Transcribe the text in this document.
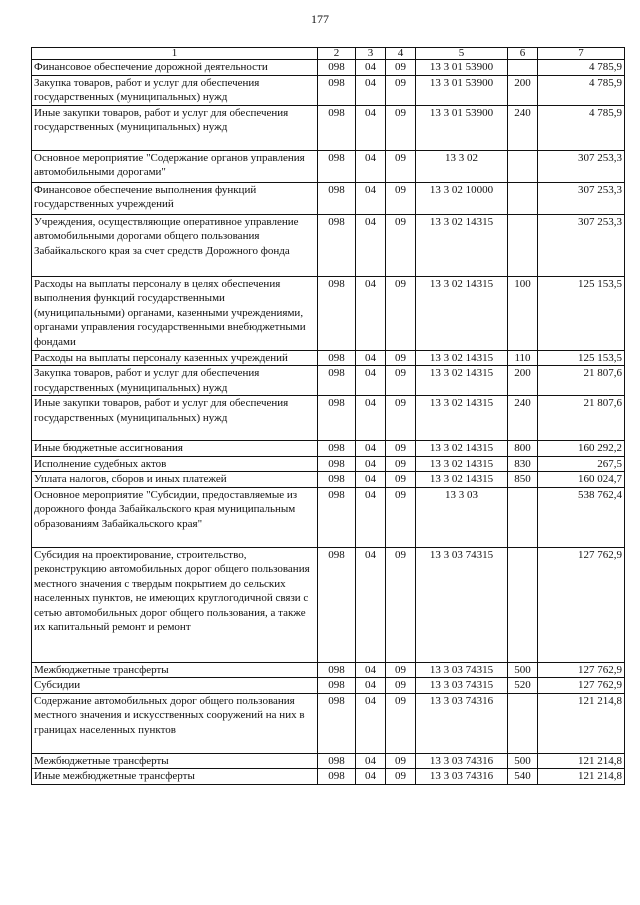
177
1	2	3	4	5	6	7
Финансовое обеспечение дорожной деятельности	098	04	09	13 3 01 53900		4 785,9
Закупка товаров, работ и услуг для обеспечения государственных (муниципальных) нужд	098	04	09	13 3 01 53900	200	4 785,9
Иные закупки товаров, работ и услуг для обеспечения государственных (муниципальных) нужд	098	04	09	13 3 01 53900	240	4 785,9
Основное мероприятие "Содержание органов управления автомобильными дорогами"	098	04	09	13 3 02		307 253,3
Финансовое обеспечение выполнения функций государственных учреждений	098	04	09	13 3 02 10000		307 253,3
Учреждения, осуществляющие оперативное управление автомобильными дорогами общего пользования Забайкальского края за счет средств Дорожного фонда	098	04	09	13 3 02 14315		307 253,3
Расходы на выплаты персоналу в целях обеспечения выполнения функций государственными (муниципальными) органами, казенными учреждениями, органами управления государственными внебюджетными фондами	098	04	09	13 3 02 14315	100	125 153,5
Расходы на выплаты персоналу казенных учреждений	098	04	09	13 3 02 14315	110	125 153,5
Закупка товаров, работ и услуг для обеспечения государственных (муниципальных) нужд	098	04	09	13 3 02 14315	200	21 807,6
Иные закупки товаров, работ и услуг для обеспечения государственных (муниципальных) нужд	098	04	09	13 3 02 14315	240	21 807,6
Иные бюджетные ассигнования	098	04	09	13 3 02 14315	800	160 292,2
Исполнение судебных актов	098	04	09	13 3 02 14315	830	267,5
Уплата налогов, сборов и иных платежей	098	04	09	13 3 02 14315	850	160 024,7
Основное мероприятие "Субсидии, предоставляемые из дорожного фонда Забайкальского края муниципальным образованиям Забайкальского края"	098	04	09	13 3 03		538 762,4
Субсидия на проектирование, строительство, реконструкцию автомобильных дорог общего пользования местного значения с твердым покрытием до сельских населенных пунктов, не имеющих круглогодичной связи с сетью автомобильных дорог общего пользования, а также их капитальный ремонт и ремонт	098	04	09	13 3 03 74315		127 762,9
Межбюджетные трансферты	098	04	09	13 3 03 74315	500	127 762,9
Субсидии	098	04	09	13 3 03 74315	520	127 762,9
Содержание автомобильных дорог общего пользования местного значения и искусственных сооружений на них в границах населенных пунктов	098	04	09	13 3 03 74316		121 214,8
Межбюджетные трансферты	098	04	09	13 3 03 74316	500	121 214,8
Иные межбюджетные трансферты	098	04	09	13 3 03 74316	540	121 214,8
